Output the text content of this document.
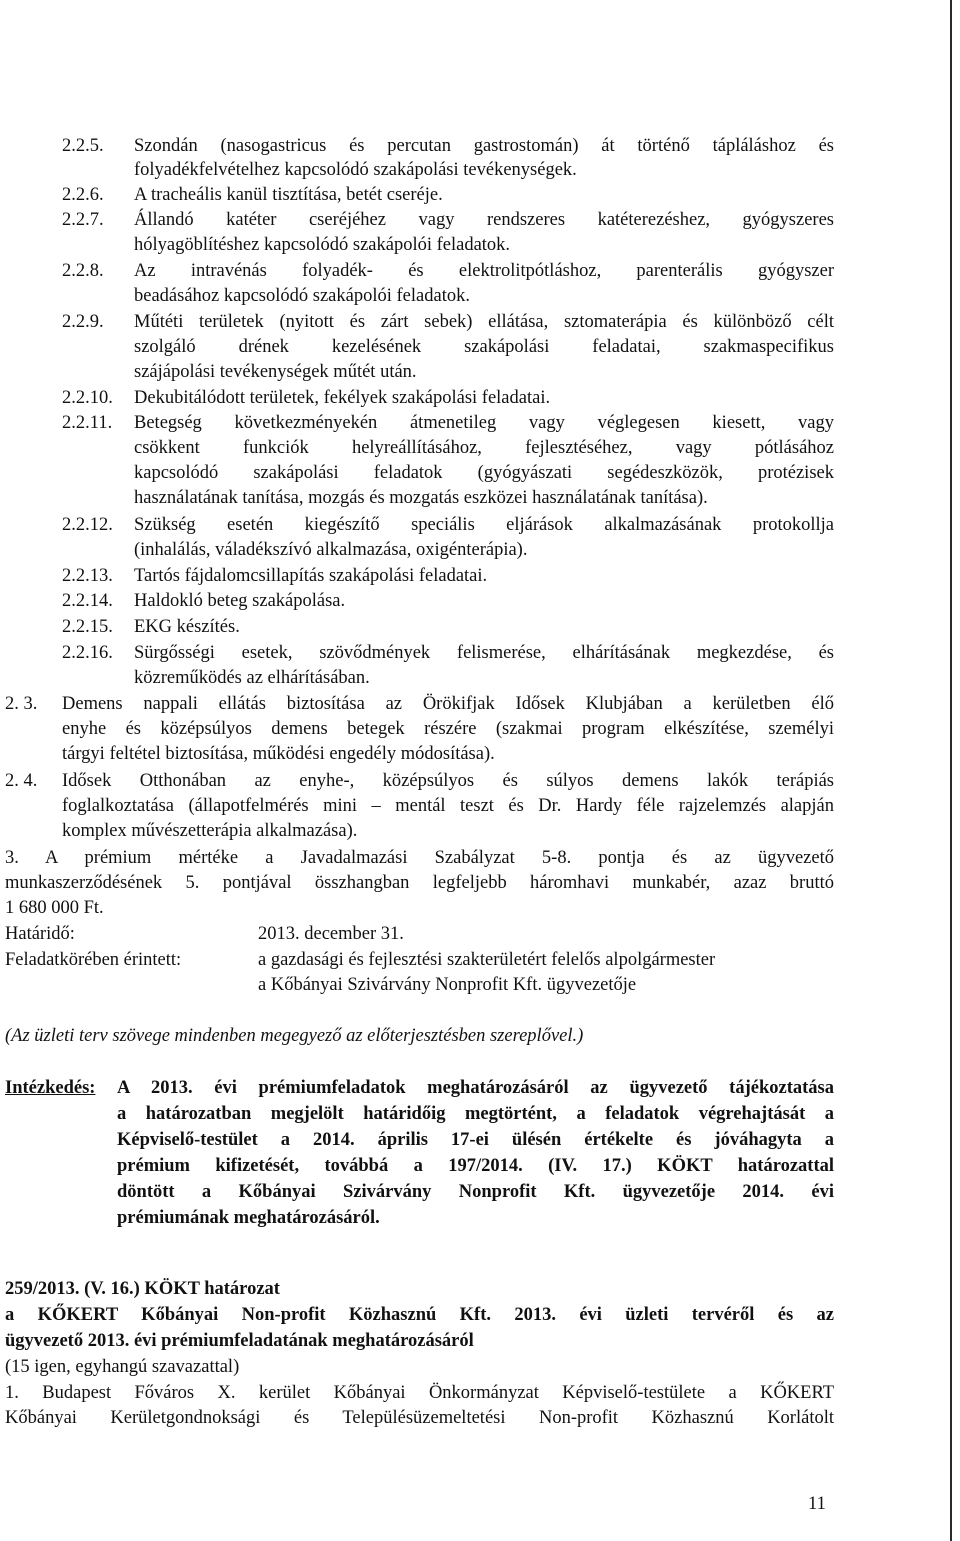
2.2.5. Szondán (nasogastricus és percutan gastrostomán) át történő tápláláshoz és
folyadékfelvételhez kapcsolódó szakápolási tevékenységek.
2.2.6. A tracheális kanül tisztítása, betét cseréje.
2.2.7. Állandó katéter cseréjéhez vagy rendszeres katéterezéshez, gyógyszeres
hólyagöblítéshez kapcsolódó szakápolói feladatok.
2.2.8. Az intravénás folyadék- és elektrolitpótláshoz, parenterális gyógyszer
beadásához kapcsolódó szakápolói feladatok.
2.2.9. Műtéti területek (nyitott és zárt sebek) ellátása, sztomaterápia és különböző célt
szolgáló drének kezelésének szakápolási feladatai, szakmaspecifikus
szájápolási tevékenységek műtét után.
2.2.10. Dekubitálódott területek, fekélyek szakápolási feladatai.
2.2.11. Betegség következményekén átmenetileg vagy véglegesen kiesett, vagy
csökkent funkciók helyreállításához, fejlesztéséhez, vagy pótlásához
kapcsolódó szakápolási feladatok (gyógyászati segédeszközök, protézisek
használatának tanítása, mozgás és mozgatás eszközei használatának tanítása).
2.2.12. Szükség esetén kiegészítő speciális eljárások alkalmazásának protokollja
(inhalálás, váladékszívó alkalmazása, oxigénterápia).
2.2.13. Tartós fájdalomcsillapítás szakápolási feladatai.
2.2.14. Haldokló beteg szakápolása.
2.2.15. EKG készítés.
2.2.16. Sürgősségi esetek, szövődmények felismerése, elhárításának megkezdése, és
közreműködés az elhárításában.
2. 3. Demens nappali ellátás biztosítása az Örökifjak Idősek Klubjában a kerületben élő
enyhe és középsúlyos demens betegek részére (szakmai program elkészítése, személyi
tárgyi feltétel biztosítása, működési engedély módosítása).
2. 4. Idősek Otthonában az enyhe-, középsúlyos és súlyos demens lakók terápiás
foglalkoztatása (állapotfelmérés mini – mentál teszt és Dr. Hardy féle rajzelemzés alapján
komplex művészetterápia alkalmazása).
3. A prémium mértéke a Javadalmazási Szabályzat 5-8. pontja és az ügyvezető
munkaszerződésének 5. pontjával összhangban legfeljebb háromhavi munkabér, azaz bruttó
1 680 000 Ft.
Határidő:	2013. december 31.
Feladatkörében érintett:	a gazdasági és fejlesztési szakterületért felelős alpolgármester
a Kőbányai Szivárvány Nonprofit Kft. ügyvezetője
(Az üzleti terv szövege mindenben megegyező az előterjesztésben szereplővel.)
Intézkedés: A 2013. évi prémiumfeladatok meghatározásáról az ügyvezető tájékoztatása
a határozatban megjelölt határidőig megtörtént, a feladatok végrehajtását a
Képviselő-testület a 2014. április 17-ei ülésén értékelte és jóváhagyta a
prémium kifizetését, továbbá a 197/2014. (IV. 17.) KÖKT határozattal
döntött a Kőbányai Szivárvány Nonprofit Kft. ügyvezetője 2014. évi
prémiumának meghatározásáról.
259/2013. (V. 16.) KÖKT határozat
a KŐKERT Kőbányai Non-profit Közhasznú Kft. 2013. évi üzleti tervéről és az
ügyvezető 2013. évi prémiumfeladatának meghatározásáról
(15 igen, egyhangú szavazattal)
1. Budapest Főváros X. kerület Kőbányai Önkormányzat Képviselő-testülete a KŐKERT
Kőbányai Kerületgondnoksági és Településüzemeltetési Non-profit Közhasznú Korlátolt
11
